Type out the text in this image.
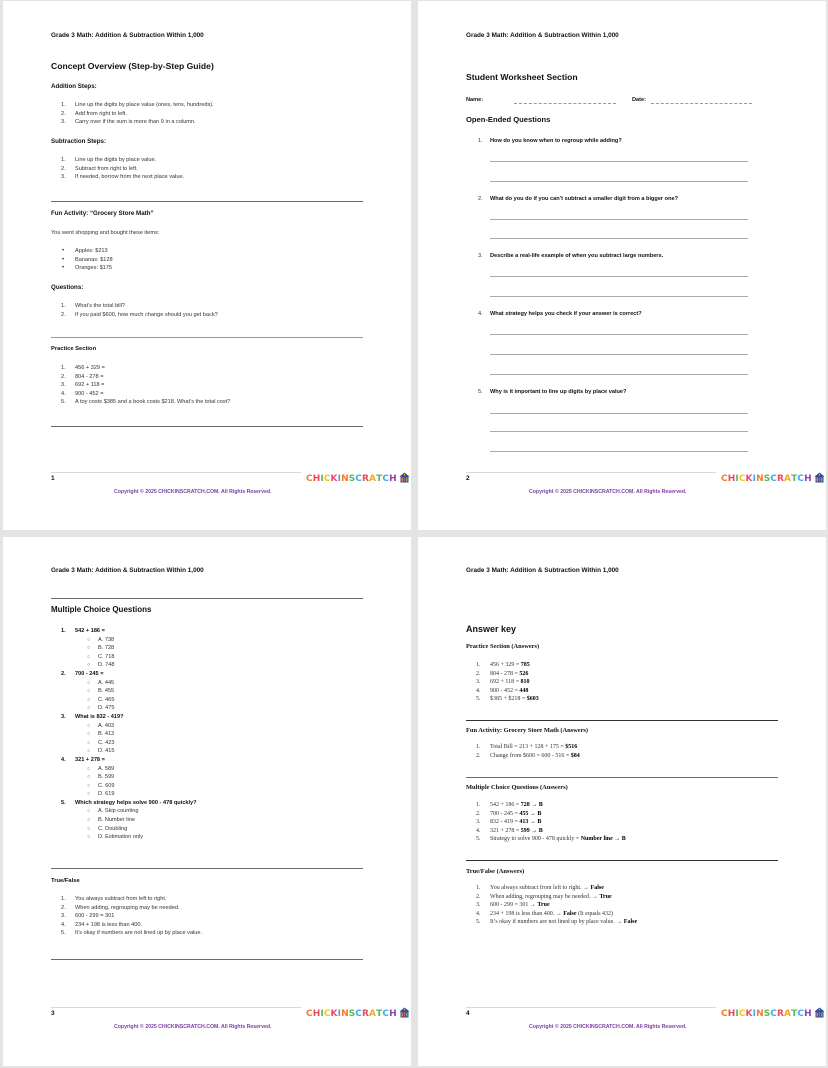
Grade 3 Math: Addition & Subtraction Within 1,000
Concept Overview (Step-by-Step Guide)
Addition Steps:
1. Line up the digits by place value (ones, tens, hundreds).
2. Add from right to left.
3. Carry over if the sum is more than 9 in a column.
Subtraction Steps:
1. Line up the digits by place value.
2. Subtract from right to left.
3. If needed, borrow from the next place value.
Fun Activity: “Grocery Store Math”
You went shopping and bought these items:
• Apples: $213
• Bananas: $128
• Oranges: $175
Questions:
1. What’s the total bill?
2. If you paid $600, how much change should you get back?
Practice Section
1. 456 + 329 =
2. 804 - 278 =
3. 692 + 118 =
4. 900 - 452 =
5. A toy costs $385 and a book costs $218. What’s the total cost?
1	C H I C K I N S C R A T C H
Copyright © 2025 CHICKINSCRATCH.COM. All Rights Reserved.
Grade 3 Math: Addition & Subtraction Within 1,000
Student Worksheet Section
Name:	Date:
Open-Ended Questions
1. How do you know when to regroup while adding?
2. What do you do if you can’t subtract a smaller digit from a bigger one?
3. Describe a real-life example of when you subtract large numbers.
4. What strategy helps you check if your answer is correct?
5. Why is it important to line up digits by place value?
2	C H I C K I N S C R A T C H
Copyright © 2025 CHICKINSCRATCH.COM. All Rights Reserved.
Grade 3 Math: Addition & Subtraction Within 1,000
Multiple Choice Questions
1. 542 + 186 =
○ A. 738
○ B. 728
○ C. 718
○ D. 748
2. 700 - 245 =
○ A. 445
○ B. 455
○ C. 465
○ D. 475
3. What is 832 - 419?
○ A. 403
○ B. 413
○ C. 423
○ D. 415
4. 321 + 278 =
○ A. 589
○ B. 599
○ C. 609
○ D. 619
5. Which strategy helps solve 900 - 478 quickly?
○ A. Skip counting
○ B. Number line
○ C. Doubling
○ D. Estimation only
True/False
1. You always subtract from left to right.
2. When adding, regrouping may be needed.
3. 600 - 299 = 301
4. 234 + 198 is less than 400.
5. It’s okay if numbers are not lined up by place value.
3	C H I C K I N S C R A T C H
Copyright © 2025 CHICKINSCRATCH.COM. All Rights Reserved.
Grade 3 Math: Addition & Subtraction Within 1,000
Answer key
Practice Section (Answers)
1. 456 + 329 = 785
2. 804 - 278 = 526
3. 692 + 118 = 810
4. 900 - 452 = 448
5. $385 + $218 = $603
Fun Activity: Grocery Store Math (Answers)
1. Total Bill = 213 + 128 + 175 = $516
2. Change from $600 = 600 - 516 = $84
Multiple Choice Questions (Answers)
1. 542 + 186 = 728 → B
2. 700 - 245 = 455 → B
3. 832 - 419 = 413 → B
4. 321 + 278 = 599 → B
5. Strategy to solve 900 - 478 quickly = Number line → B
True/False (Answers)
1. You always subtract from left to right. → False
2. When adding, regrouping may be needed. → True
3. 600 - 299 = 301 → True
4. 234 + 198 is less than 400. → False (It equals 432)
5. It’s okay if numbers are not lined up by place value. → False
4	C H I C K I N S C R A T C H
Copyright © 2025 CHICKINSCRATCH.COM. All Rights Reserved.
